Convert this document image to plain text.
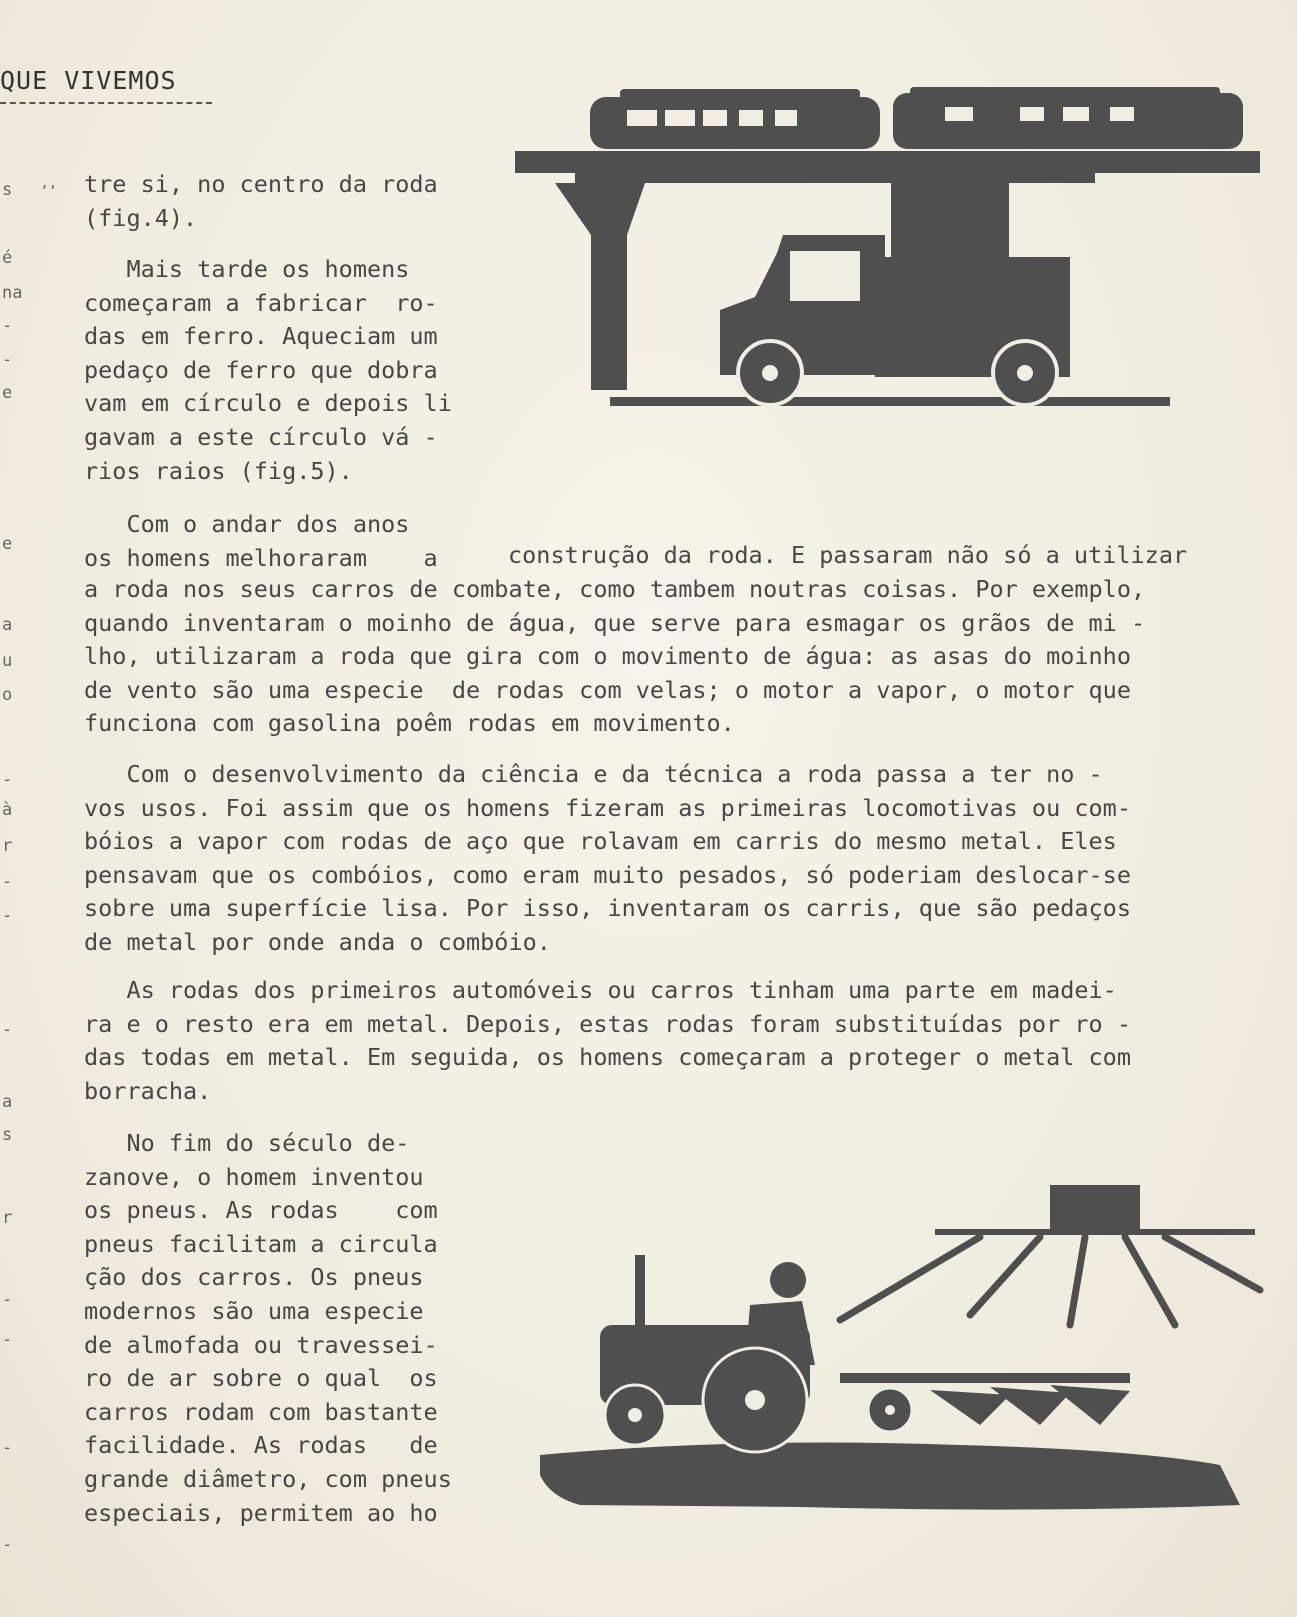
QUE VIVEMOS
s
é
na
-
-
e
e
a
u
o
-
à
r
-
-
-
a
s
r
-
-
-
-
’’ tre si, no centro da roda
(fig.4).
Mais tarde os homens
começaram a fabricar  ro-
das em ferro. Aqueciam um
pedaço de ferro que dobra
vam em círculo e depois li
gavam a este círculo vá -
rios raios (fig.5).
Com o andar dos anos
os homens melhoraram    a	construção da roda. E passaram não só a utilizar
a roda nos seus carros de combate, como tambem noutras coisas. Por exemplo,
quando inventaram o moinho de água, que serve para esmagar os grãos de mi -
lho, utilizaram a roda que gira com o movimento de água: as asas do moinho
de vento são uma especie  de rodas com velas; o motor a vapor, o motor que
funciona com gasolina poêm rodas em movimento.
Com o desenvolvimento da ciência e da técnica a roda passa a ter no -
vos usos. Foi assim que os homens fizeram as primeiras locomotivas ou com-
bóios a vapor com rodas de aço que rolavam em carris do mesmo metal. Eles
pensavam que os combóios, como eram muito pesados, só poderiam deslocar-se
sobre uma superfície lisa. Por isso, inventaram os carris, que são pedaços
de metal por onde anda o combóio.
As rodas dos primeiros automóveis ou carros tinham uma parte em madei-
ra e o resto era em metal. Depois, estas rodas foram substituídas por ro -
das todas em metal. Em seguida, os homens começaram a proteger o metal com
borracha.
No fim do século de-
zanove, o homem inventou
os pneus. As rodas    com
pneus facilitam a circula
ção dos carros. Os pneus
modernos são uma especie
de almofada ou travessei-
ro de ar sobre o qual  os
carros rodam com bastante
facilidade. As rodas   de
grande diâmetro, com pneus
especiais, permitem ao ho
